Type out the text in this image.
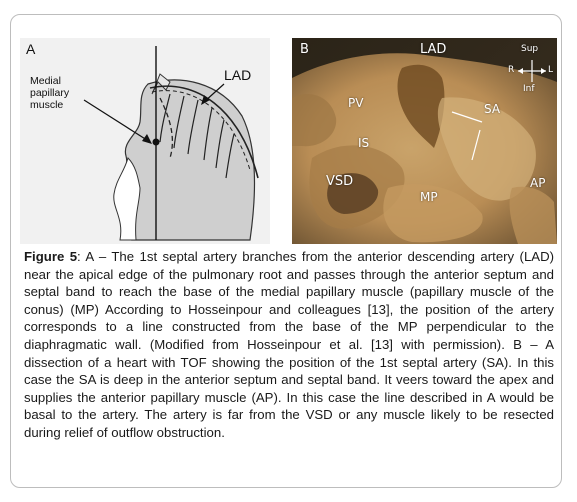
A
Medial
papillary
muscle
LAD
B	LAD
PV	SA
IS
VSD
MP
AP
Sup
R	L
Inf

Figure 5: A – The 1st septal artery branches from the anterior descending artery (LAD) near the apical edge of the pulmonary root and passes through the anterior septum and septal band to reach the base of the medial papillary muscle (papillary muscle of the conus) (MP) According to Hosseinpour and colleagues [13], the position of the artery corresponds to a line constructed from the base of the MP perpendicular to the diaphragmatic wall. (Modified from Hosseinpour et al. [13] with permission). B – A dissection of a heart with TOF showing the position of the 1st septal artery (SA). In this case the SA is deep in the anterior septum and septal band. It veers toward the apex and supplies the anterior papillary muscle (AP). In this case the line described in A would be basal to the artery. The artery is far from the VSD or any muscle likely to be resected during relief of outflow obstruction.
